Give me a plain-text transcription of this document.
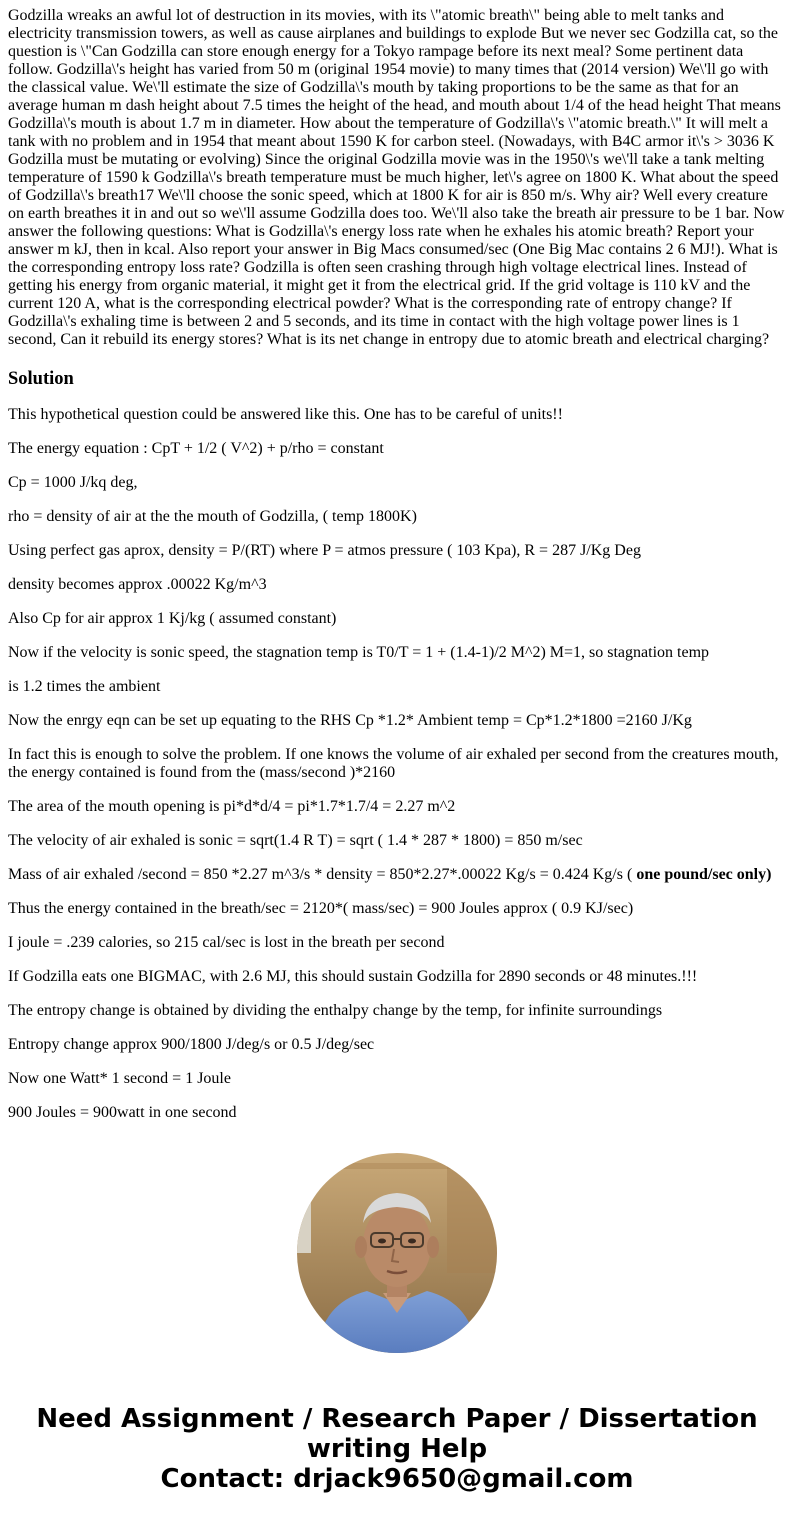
Godzilla wreaks an awful lot of destruction in its movies, with its \"atomic breath\" being able to melt tanks and electricity transmission towers, as well as cause airplanes and buildings to explode But we never sec Godzilla cat, so the question is \"Can Godzilla can store enough energy for a Tokyo rampage before its next meal? Some pertinent data follow. Godzilla\'s height has varied from 50 m (original 1954 movie) to many times that (2014 version) We\'ll go with the classical value. We\'ll estimate the size of Godzilla\'s mouth by taking proportions to be the same as that for an average human m dash height about 7.5 times the height of the head, and mouth about 1/4 of the head height That means Godzilla\'s mouth is about 1.7 m in diameter. How about the temperature of Godzilla\'s \"atomic breath.\" It will melt a tank with no problem and in 1954 that meant about 1590 K for carbon steel. (Nowadays, with B4C armor it\'s > 3036 K Godzilla must be mutating or evolving) Since the original Godzilla movie was in the 1950\'s we\'ll take a tank melting temperature of 1590 k Godzilla\'s breath temperature must be much higher, let\'s agree on 1800 K. What about the speed of Godzilla\'s breath17 We\'ll choose the sonic speed, which at 1800 K for air is 850 m/s. Why air? Well every creature on earth breathes it in and out so we\'ll assume Godzilla does too. We\'ll also take the breath air pressure to be 1 bar. Now answer the following questions: What is Godzilla\'s energy loss rate when he exhales his atomic breath? Report your answer m kJ, then in kcal. Also report your answer in Big Macs consumed/sec (One Big Mac contains 2 6 MJ!). What is the corresponding entropy loss rate? Godzilla is often seen crashing through high voltage electrical lines. Instead of getting his energy from organic material, it might get it from the electrical grid. If the grid voltage is 110 kV and the current 120 A, what is the corresponding electrical powder? What is the corresponding rate of entropy change? If Godzilla\'s exhaling time is between 2 and 5 seconds, and its time in contact with the high voltage power lines is 1 second, Can it rebuild its energy stores? What is its net change in entropy due to atomic breath and electrical charging?

Solution

This hypothetical question could be answered like this. One has to be careful of units!!

The energy equation : CpT + 1/2 ( V^2) + p/rho = constant

Cp = 1000 J/kq deg,

rho = density of air at the the mouth of Godzilla, ( temp 1800K)

Using perfect gas aprox, density = P/(RT) where P = atmos pressure ( 103 Kpa), R = 287 J/Kg Deg

density becomes approx .00022 Kg/m^3

Also Cp for air approx 1 Kj/kg ( assumed constant)

Now if the velocity is sonic speed, the stagnation temp is T0/T = 1 + (1.4-1)/2 M^2) M=1, so stagnation temp

is 1.2 times the ambient

Now the enrgy eqn can be set up equating to the RHS Cp *1.2* Ambient temp = Cp*1.2*1800 =2160 J/Kg

In fact this is enough to solve the problem. If one knows the volume of air exhaled per second from the creatures mouth, the energy contained is found from the (mass/second )*2160

The area of the mouth opening is pi*d*d/4 = pi*1.7*1.7/4 = 2.27 m^2

The velocity of air exhaled is sonic = sqrt(1.4 R T) = sqrt ( 1.4 * 287 * 1800) = 850 m/sec

Mass of air exhaled /second = 850 *2.27 m^3/s * density = 850*2.27*.00022 Kg/s = 0.424 Kg/s ( one pound/sec only)

Thus the energy contained in the breath/sec = 2120*( mass/sec) = 900 Joules approx ( 0.9 KJ/sec)

I joule = .239 calories, so 215 cal/sec is lost in the breath per second

If Godzilla eats one BIGMAC, with 2.6 MJ, this should sustain Godzilla for 2890 seconds or 48 minutes.!!!

The entropy change is obtained by dividing the enthalpy change by the temp, for infinite surroundings

Entropy change approx 900/1800 J/deg/s or 0.5 J/deg/sec

Now one Watt* 1 second = 1 Joule

900 Joules = 900watt in one second

Need Assignment / Research Paper / Dissertation
writing Help
Contact: drjack9650@gmail.com
